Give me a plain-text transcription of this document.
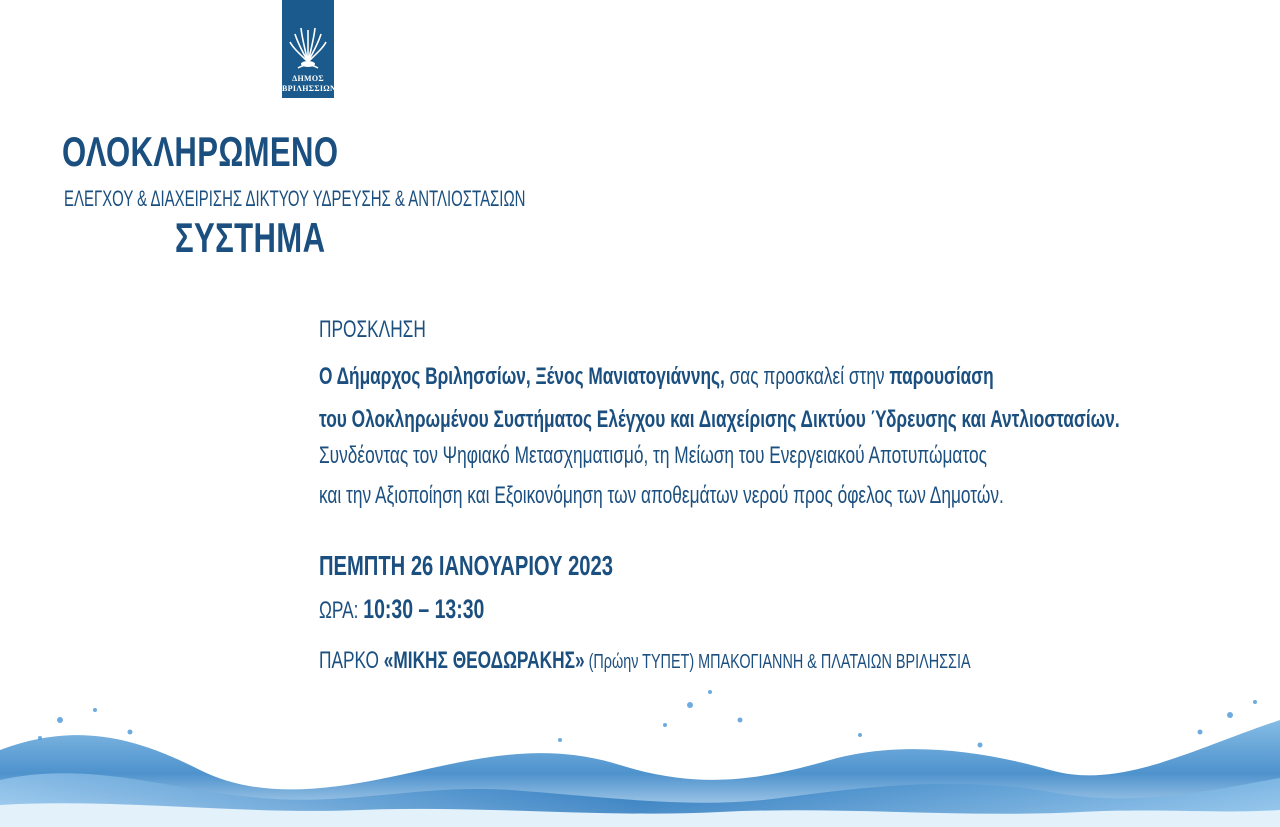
ΔΗΜΟΣ
ΒΡΙΛΗΣΣΙΩΝ
ΟΛΟΚΛΗΡΩΜΕΝΟ
ΕΛΕΓΧΟΥ & ΔΙΑΧΕΙΡΙΣΗΣ ΔΙΚΤΥΟΥ ΥΔΡΕΥΣΗΣ & ΑΝΤΛΙΟΣΤΑΣΙΩΝ
ΣΥΣΤΗΜΑ
ΠΡΟΣΚΛΗΣΗ
Ο Δήμαρχος Βριλησσίων, Ξένος Μανιατογιάννης, σας προσκαλεί στην παρουσίαση
του Ολοκληρωμένου Συστήματος Ελέγχου και Διαχείρισης Δικτύου Ύδρευσης και Αντλιοστασίων.
Συνδέοντας τον Ψηφιακό Μετασχηματισμό, τη Μείωση του Ενεργειακού Αποτυπώματος
και την Αξιοποίηση και Εξοικονόμηση των αποθεμάτων νερού προς όφελος των Δημοτών.
ΠΕΜΠΤΗ 26 ΙΑΝΟΥΑΡΙΟΥ 2023
ΩΡΑ: 10:30 – 13:30
ΠΑΡΚΟ «ΜΙΚΗΣ ΘΕΟΔΩΡΑΚΗΣ» (Πρώην ΤΥΠΕΤ) ΜΠΑΚΟΓΙΑΝΝΗ & ΠΛΑΤΑΙΩΝ ΒΡΙΛΗΣΣΙΑ
